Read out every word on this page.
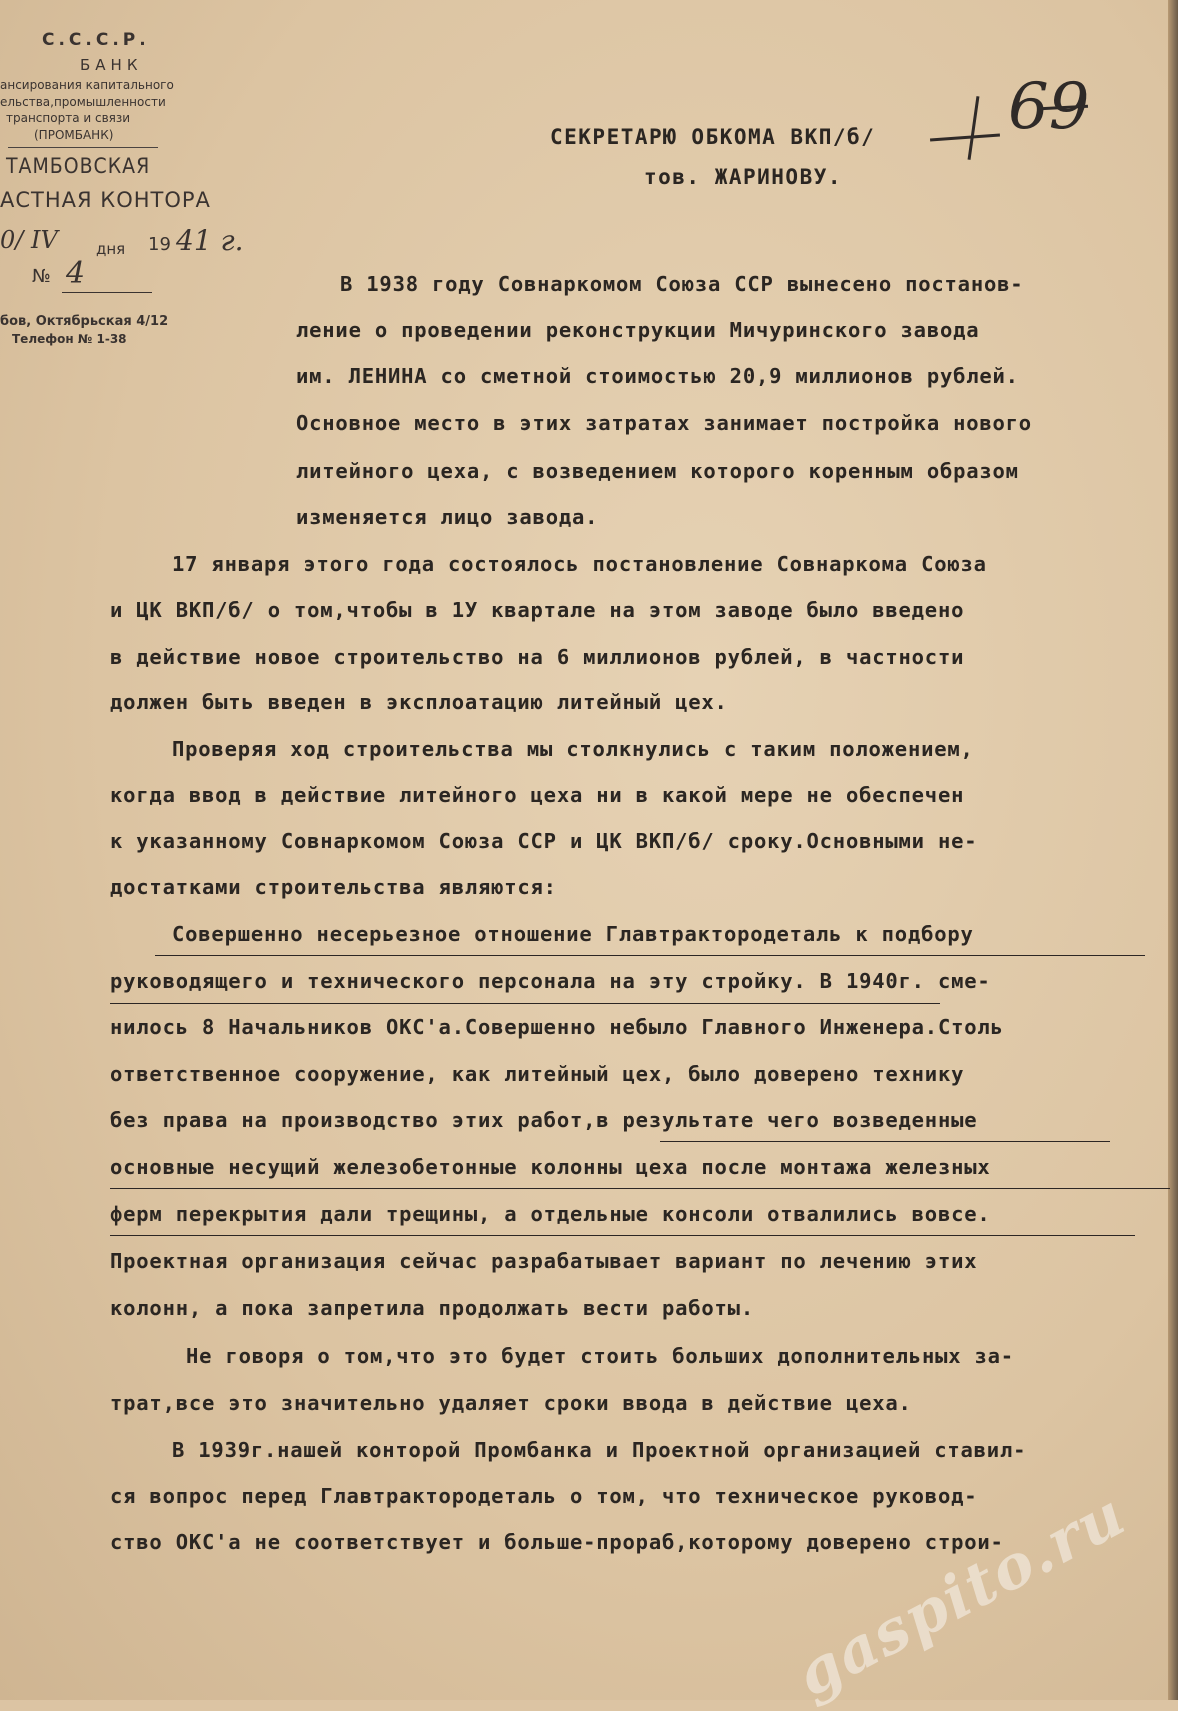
С.С.С.Р.
БАНК
ансирования капитального
ельства,промышленности
транспорта и связи
(ПРОМБАНК)
ТАМБОВСКАЯ
АСТНАЯ КОНТОРА
0/ IV	дня 19 41 г.
№ 4
бов, Октябрьская 4/12
Телефон № 1-38
69
СЕКРЕТАРЮ ОБКОМА ВКП/б/
тов. ЖАРИНОВУ.
В 1938 году Совнаркомом Союза ССР вынесено постанов-
ление о проведении реконструкции Мичуринского завода
им. ЛЕНИНА со сметной стоимостью 20,9 миллионов рублей.
Основное место в этих затратах занимает постройка нового
литейного цеха, с возведением которого коренным образом
изменяется лицо завода.
17 января этого года состоялось постановление Совнаркома Союза
и ЦК ВКП/б/ о том,чтобы в 1У квартале на этом заводе было введено
в действие новое строительство на 6 миллионов рублей, в частности
должен быть введен в эксплоатацию литейный цех.
Проверяя ход строительства мы столкнулись с таким положением,
когда ввод в действие литейного цеха ни в какой мере не обеспечен
к указанному Совнаркомом Союза ССР и ЦК ВКП/б/ сроку.Основными не-
достатками строительства являются:
Совершенно несерьезное отношение Главтрактородеталь к подбору
руководящего и технического персонала на эту стройку. В 1940г. сме-
нилось 8 Начальников ОКС'а.Совершенно небыло Главного Инженера.Столь
ответственное сооружение, как литейный цех, было доверено технику
без права на производство этих работ,в результате чего возведенные
основные несущий железобетонные колонны цеха после монтажа железных
ферм перекрытия дали трещины, а отдельные консоли отвалились вовсе.
Проектная организация сейчас разрабатывает вариант по лечению этих
колонн, а пока запретила продолжать вести работы.
Не говоря о том,что это будет стоить больших дополнительных за-
трат,все это значительно удаляет сроки ввода в действие цеха.
В 1939г.нашей конторой Промбанка и Проектной организацией ставил-
ся вопрос перед Главтрактородеталь о том, что техническое руковод-
ство ОКС'а не соответствует и больше-прораб,которому доверено строи-
gaspito.ru
